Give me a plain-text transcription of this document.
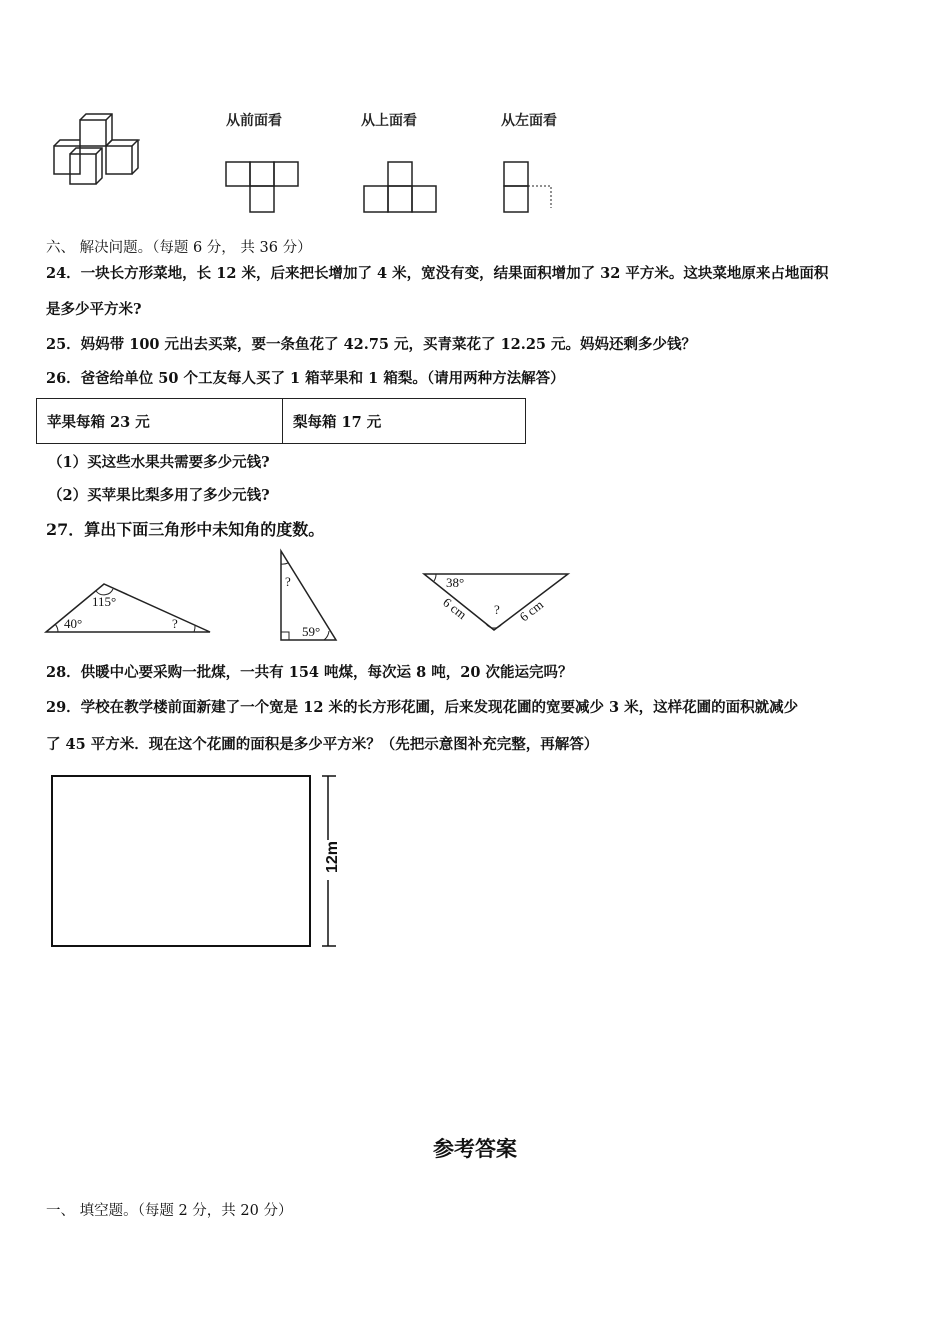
从前面看	从上面看	从左面看
六、 解决问题。（每题 6 分， 共 36 分）
24．一块长方形菜地，长 12 米，后来把长增加了 4 米，宽没有变，结果面积增加了 32 平方米。这块菜地原来占地面积
是多少平方米?
25．妈妈带 100 元出去买菜，要一条鱼花了 42.75 元，买青菜花了 12.25 元。妈妈还剩多少钱？
26．爸爸给单位 50 个工友每人买了 1 箱苹果和 1 箱梨。（请用两种方法解答）
苹果每箱 23 元	梨每箱 17 元
（1）买这些水果共需要多少元钱?
（2）买苹果比梨多用了多少元钱?
27．算出下面三角形中未知角的度数。
115°
40°	?
?
59°
38°
?
6 cm	6 cm
28．供暖中心要采购一批煤，一共有 154 吨煤，每次运 8 吨，20 次能运完吗？
29．学校在教学楼前面新建了一个宽是 12 米的长方形花圃，后来发现花圃的宽要减少 3 米，这样花圃的面积就减少
了 45 平方米．现在这个花圃的面积是多少平方米？（先把示意图补充完整，再解答）
12m
参考答案
一、 填空题。（每题 2 分，共 20 分）
